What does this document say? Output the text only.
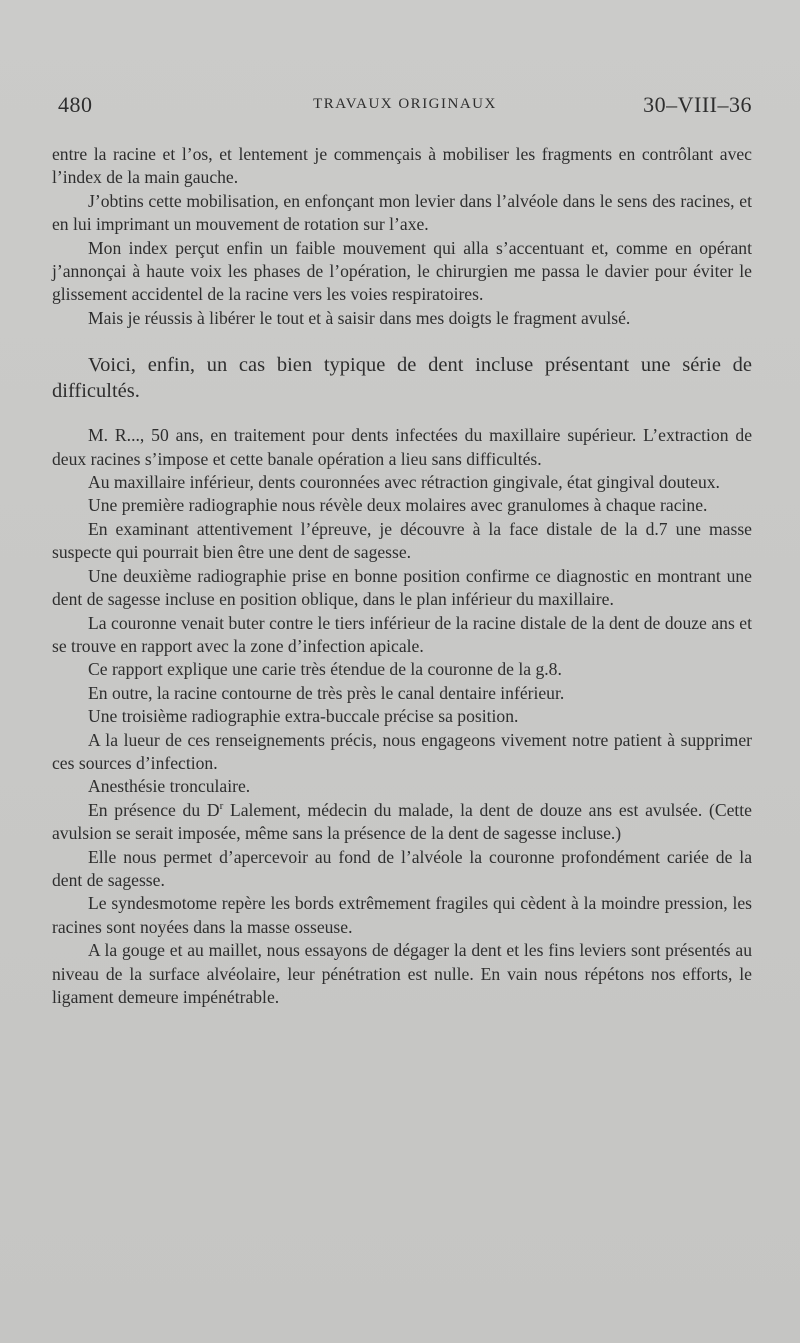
480	TRAVAUX ORIGINAUX	30–VIII–36

entre la racine et l’os, et lentement je commençais à mobiliser les fragments en contrôlant avec l’index de la main gauche.

J’obtins cette mobilisation, en enfonçant mon levier dans l’alvéole dans le sens des racines, et en lui imprimant un mouvement de rotation sur l’axe.

Mon index perçut enfin un faible mouvement qui alla s’accentuant et, comme en opérant j’annonçai à haute voix les phases de l’opération, le chirurgien me passa le davier pour éviter le glissement accidentel de la racine vers les voies respiratoires.

Mais je réussis à libérer le tout et à saisir dans mes doigts le fragment avulsé.

Voici, enfin, un cas bien typique de dent incluse présentant une série de difficultés.

M. R..., 50 ans, en traitement pour dents infectées du maxillaire supérieur. L’extraction de deux racines s’impose et cette banale opération a lieu sans difficultés.

Au maxillaire inférieur, dents couronnées avec rétraction gingivale, état gingival douteux.

Une première radiographie nous révèle deux molaires avec granulomes à chaque racine.

En examinant attentivement l’épreuve, je découvre à la face distale de la d.7 une masse suspecte qui pourrait bien être une dent de sagesse.

Une deuxième radiographie prise en bonne position confirme ce diagnostic en montrant une dent de sagesse incluse en position oblique, dans le plan inférieur du maxillaire.

La couronne venait buter contre le tiers inférieur de la racine distale de la dent de douze ans et se trouve en rapport avec la zone d’infection apicale.

Ce rapport explique une carie très étendue de la couronne de la g.8.

En outre, la racine contourne de très près le canal dentaire inférieur.

Une troisième radiographie extra-buccale précise sa position.

A la lueur de ces renseignements précis, nous engageons vivement notre patient à supprimer ces sources d’infection.

Anesthésie tronculaire.

En présence du $D^r$ Lalement, médecin du malade, la dent de douze ans est avulsée. (Cette avulsion se serait imposée, même sans la présence de la dent de sagesse incluse.)

Elle nous permet d’apercevoir au fond de l’alvéole la couronne profondément cariée de la dent de sagesse.

Le syndesmotome repère les bords extrêmement fragiles qui cèdent à la moindre pression, les racines sont noyées dans la masse osseuse.

A la gouge et au maillet, nous essayons de dégager la dent et les fins leviers sont présentés au niveau de la surface alvéolaire, leur pénétration est nulle. En vain nous répétons nos efforts, le ligament demeure impénétrable.
